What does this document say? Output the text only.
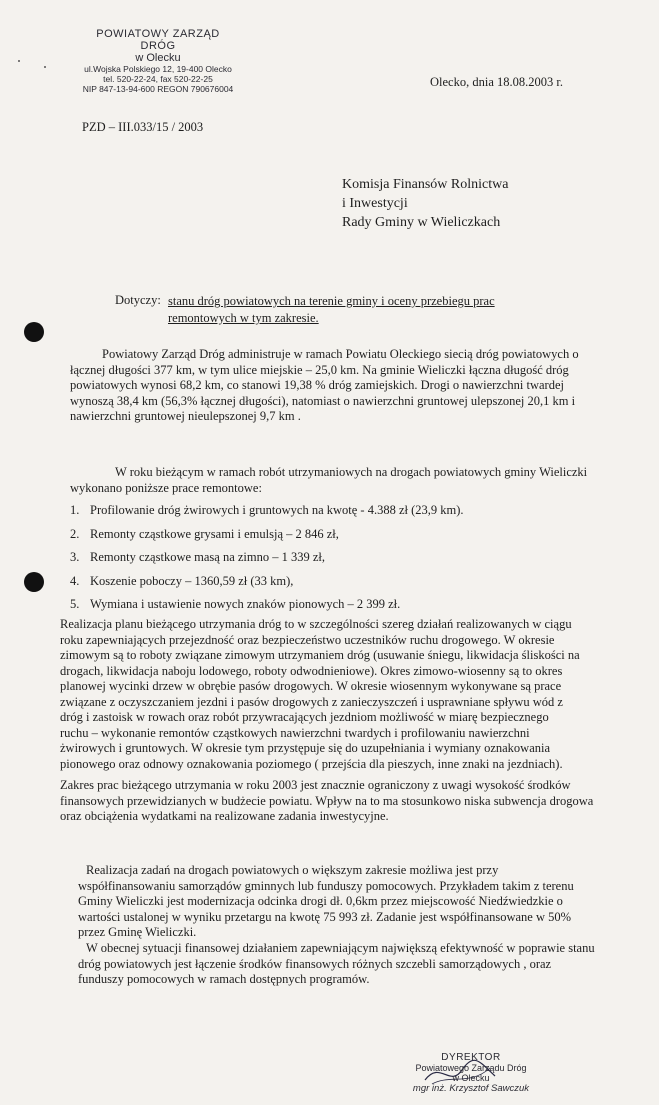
POWIATOWY ZARZĄD DRÓG
w Olecku
ul.Wojska Polskiego 12, 19-400 Olecko
tel. 520-22-24, fax 520-22-25
NIP 847-13-94-600 REGON 790676004	Olecko, dnia 18.08.2003 r.
PZD – III.033/15 / 2003
Komisja Finansów Rolnictwa
i Inwestycji
Rady Gminy w Wieliczkach
Dotyczy: stanu dróg powiatowych na terenie gminy i oceny przebiegu prac
remontowych w tym zakresie.
Powiatowy Zarząd Dróg administruje w ramach Powiatu Oleckiego siecią dróg powiatowych o łącznej długości 377 km, w tym ulice miejskie – 25,0 km. Na gminie Wieliczki łączna długość dróg powiatowych wynosi 68,2 km, co stanowi 19,38 % dróg zamiejskich. Drogi o nawierzchni twardej wynoszą 38,4 km (56,3% łącznej długości), natomiast o nawierzchni gruntowej ulepszonej 20,1 km i nawierzchni gruntowej nieulepszonej 9,7 km .
W roku bieżącym w ramach robót utrzymaniowych na drogach powiatowych gminy Wieliczki wykonano poniższe prace remontowe:
1. Profilowanie dróg żwirowych i gruntowych na kwotę - 4.388 zł (23,9 km).
2. Remonty cząstkowe grysami i emulsją – 2 846 zł,
3. Remonty cząstkowe masą na zimno – 1 339 zł,
4. Koszenie poboczy – 1360,59 zł (33 km),
5. Wymiana i ustawienie nowych znaków pionowych – 2 399 zł.
Realizacja planu bieżącego utrzymania dróg to w szczególności szereg działań realizowanych w ciągu roku zapewniających przejezdność oraz bezpieczeństwo uczestników ruchu drogowego. W okresie zimowym są to roboty związane zimowym utrzymaniem dróg (usuwanie śniegu, likwidacja śliskości na drogach, likwidacja naboju lodowego, roboty odwodnieniowe). Okres zimowo-wiosenny są to okres planowej wycinki drzew w obrębie pasów drogowych. W okresie wiosennym wykonywane są prace związane z oczyszczaniem jezdni i pasów drogowych z zanieczyszczeń i usprawniane spływu wód z dróg i zastoisk w rowach oraz robót przywracających jezdniom możliwość w miarę bezpiecznego ruchu – wykonanie remontów cząstkowych nawierzchni twardych i profilowaniu nawierzchni żwirowych i gruntowych. W okresie tym przystępuje się do uzupełniania i wymiany oznakowania pionowego oraz odnowy oznakowania poziomego ( przejścia dla pieszych, inne znaki na jezdniach).
Zakres prac bieżącego utrzymania w roku 2003 jest znacznie ograniczony z uwagi wysokość środków finansowych przewidzianych w budżecie powiatu. Wpływ na to ma stosunkowo niska subwencja drogowa oraz obciążenia wydatkami na realizowane zadania inwestycyjne.
Realizacja zadań na drogach powiatowych o większym zakresie możliwa jest przy współfinansowaniu samorządów gminnych lub funduszy pomocowych. Przykładem takim z terenu Gminy Wieliczki jest modernizacja odcinka drogi dł. 0,6km przez miejscowość Niedźwiedzkie o wartości ustalonej w wyniku przetargu na kwotę 75 993 zł. Zadanie jest współfinansowane w 50% przez Gminę Wieliczki.
W obecnej sytuacji finansowej działaniem zapewniającym największą efektywność w poprawie stanu dróg powiatowych jest łączenie środków finansowych różnych szczebli samorządowych , oraz funduszy pomocowych w ramach dostępnych programów.
DYREKTOR
Powiatowego Zarządu Dróg
w Olecku
mgr inż. Krzysztof Sawczuk
